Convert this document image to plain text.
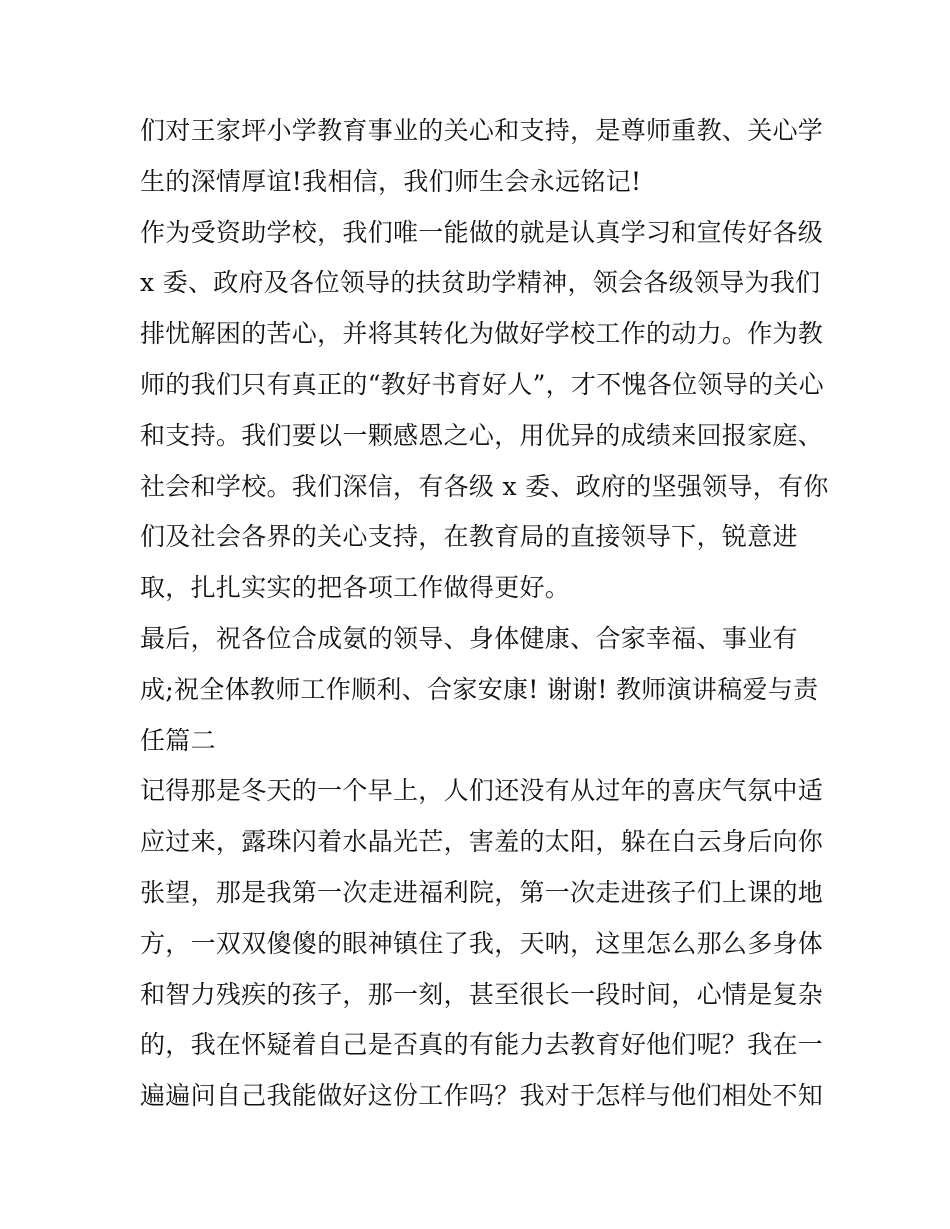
们对王家坪小学教育事业的关心和支持，是尊师重教、关心学
生的深情厚谊!我相信，我们师生会永远铭记!
作为受资助学校，我们唯一能做的就是认真学习和宣传好各级
x 委、政府及各位领导的扶贫助学精神，领会各级领导为我们
排忧解困的苦心，并将其转化为做好学校工作的动力。作为教
师的我们只有真正的“教好书育好人”，才不愧各位领导的关心
和支持。我们要以一颗感恩之心，用优异的成绩来回报家庭、
社会和学校。我们深信，有各级 x 委、政府的坚强领导，有你
们及社会各界的关心支持，在教育局的直接领导下，锐意进
取，扎扎实实的把各项工作做得更好。
最后，祝各位合成氨的领导、身体健康、合家幸福、事业有
成;祝全体教师工作顺利、合家安康! 谢谢! 教师演讲稿爱与责
任篇二
记得那是冬天的一个早上，人们还没有从过年的喜庆气氛中适
应过来，露珠闪着水晶光芒，害羞的太阳，躲在白云身后向你
张望，那是我第一次走进福利院，第一次走进孩子们上课的地
方，一双双傻傻的眼神镇住了我，天呐，这里怎么那么多身体
和智力残疾的孩子，那一刻，甚至很长一段时间，心情是复杂
的，我在怀疑着自己是否真的有能力去教育好他们呢？我在一
遍遍问自己我能做好这份工作吗？我对于怎样与他们相处不知
